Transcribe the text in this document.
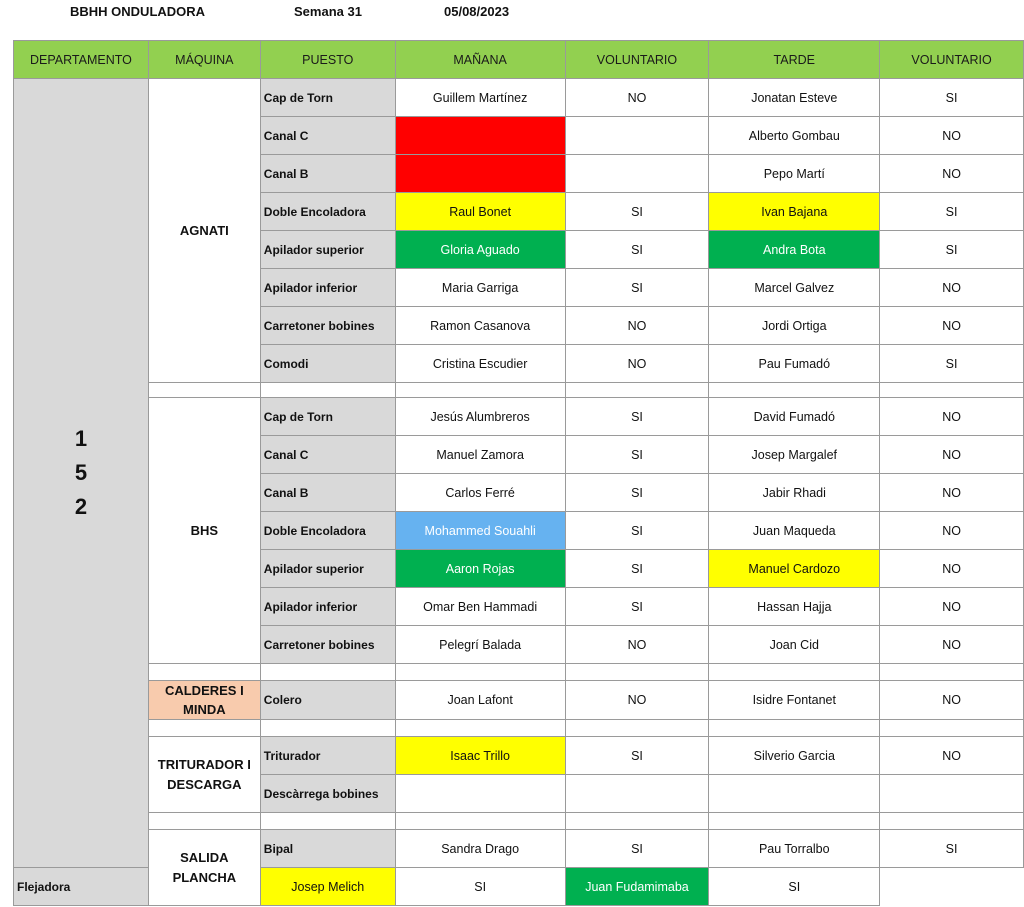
BBHH ONDULADORA	Semana 31	05/08/2023
DEPARTAMENTO	MÁQUINA	PUESTO	MAÑANA	VOLUNTARIO	TARDE	VOLUNTARIO

1
5
2	AGNATI	Cap de Torn	Guillem Martínez	NO	Jonatan Esteve	SI
		Canal C			Alberto Gombau	NO
		Canal B			Pepo Martí	NO
		Doble Encoladora	Raul Bonet	SI	Ivan Bajana	SI
		Apilador superior	Gloria Aguado	SI	Andra Bota	SI
		Apilador inferior	Maria Garriga	SI	Marcel Galvez	NO
		Carretoner bobines	Ramon Casanova	NO	Jordi Ortiga	NO
		Comodi	Cristina Escudier	NO	Pau Fumadó	SI

	BHS	Cap de Torn	Jesús Alumbreros	SI	David Fumadó	NO
		Canal C	Manuel Zamora	SI	Josep Margalef	NO
		Canal B	Carlos Ferré	SI	Jabir Rhadi	NO
		Doble Encoladora	Mohammed Souahli	SI	Juan Maqueda	NO
		Apilador superior	Aaron Rojas	SI	Manuel Cardozo	NO
		Apilador inferior	Omar Ben Hammadi	SI	Hassan Hajja	NO
		Carretoner bobines	Pelegrí Balada	NO	Joan Cid	NO

	CALDERES I MINDA	Colero	Joan Lafont	NO	Isidre Fontanet	NO

	TRITURADOR I DESCARGA	Triturador	Isaac Trillo	SI	Silverio Garcia	NO
		Descàrrega bobines				

	SALIDA PLANCHA	Bipal	Sandra Drago	SI	Pau Torralbo	SI
Flejadora		Josep Melich	SI	Juan Fudamimaba	SI	
